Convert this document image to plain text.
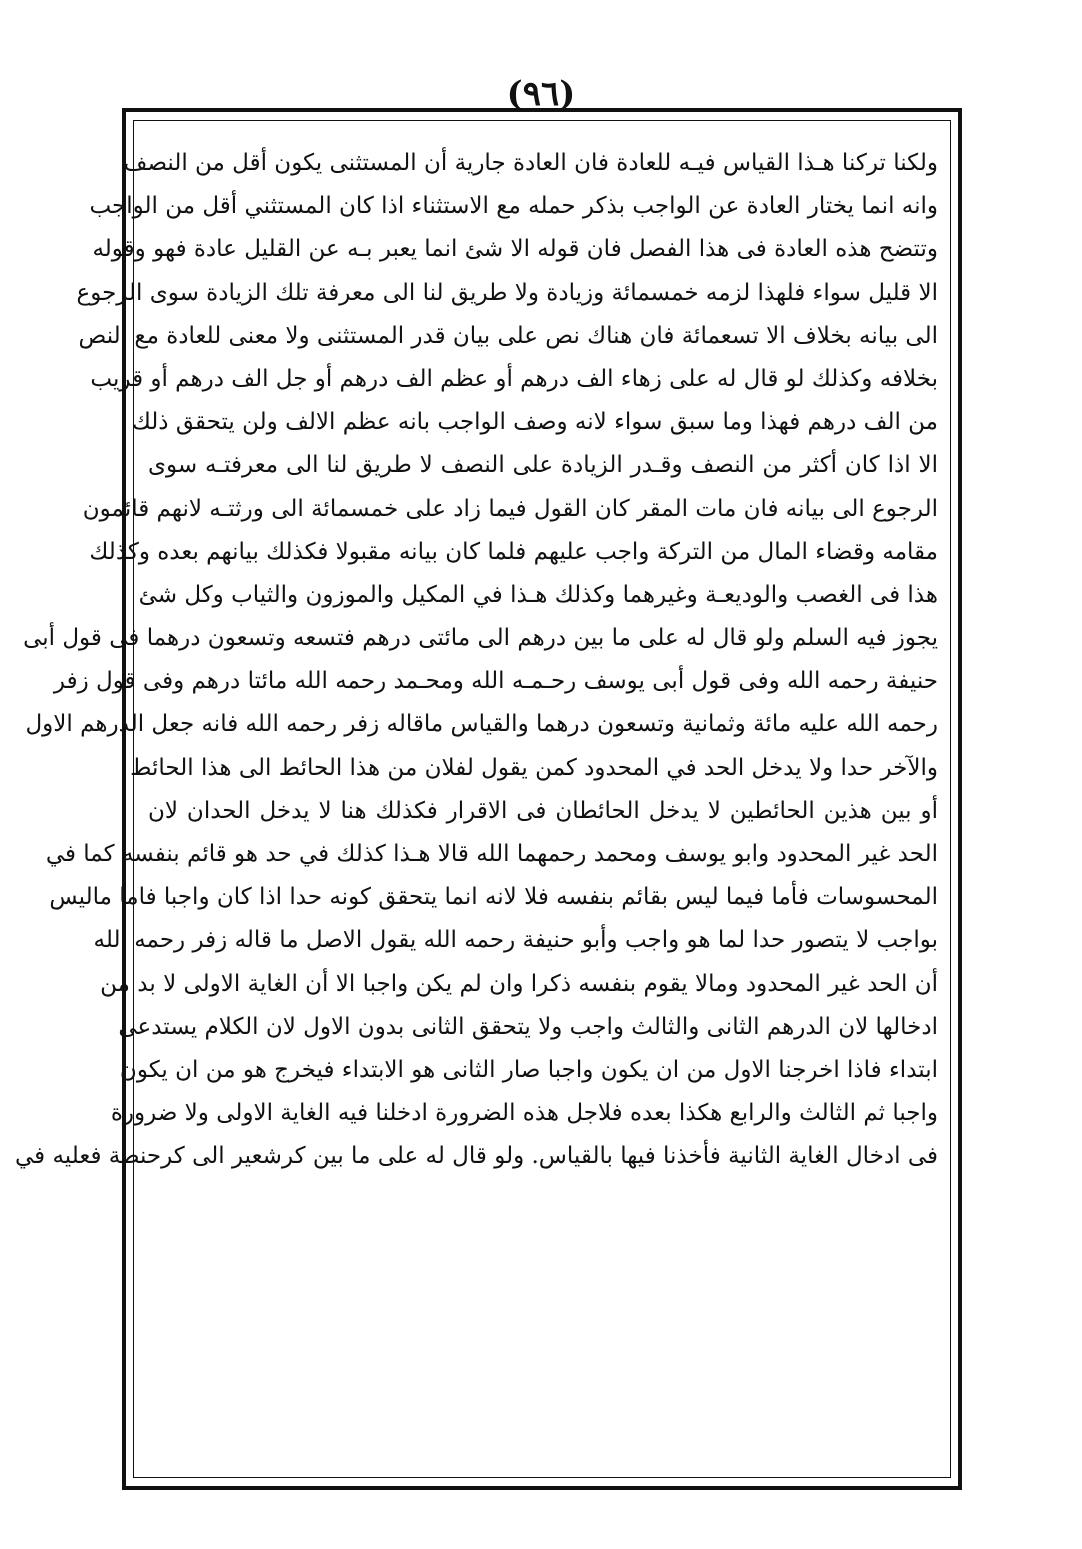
(٩٦)
ولكنا تركنا هـذا القياس فيـه للعادة فان العادة جارية أن المستثنى يكون أقل من النصف
وانه انما يختار العادة عن الواجب بذكر حمله مع الاستثناء اذا كان المستثني أقل من الواجب
وتتضح هذه العادة فى هذا الفصل فان قوله الا شئ انما يعبر بـه عن القليل عادة فهو وقوله
الا قليل سواء فلهذا لزمه خمسمائة وزيادة ولا طريق لنا الى معرفة تلك الزيادة سوى الرجوع
الى بيانه بخلاف الا تسعمائة فان هناك نص على بيان قدر المستثنى ولا معنى للعادة مع النص
بخلافه وكذلك لو قال له على زهاء الف درهم أو عظم الف درهم أو جل الف درهم أو قريب
من الف درهم فهذا وما سبق سواء لانه وصف الواجب بانه عظم الالف ولن يتحقق ذلك
الا اذا كان أكثر من النصف وقـدر الزيادة على النصف لا طريق لنا الى معرفتـه سوى
الرجوع الى بيانه فان مات المقر كان القول فيما زاد على خمسمائة الى ورثتـه لانهم قائمون
مقامه وقضاء المال من التركة واجب عليهم فلما كان بيانه مقبولا فكذلك بيانهم بعده وكذلك
هذا فى الغصب والوديعـة وغيرهما وكذلك هـذا في المكيل والموزون والثياب وكل شئ
يجوز فيه السلم ولو قال له على ما بين درهم الى مائتى درهم فتسعه وتسعون درهما فى قول أبى
حنيفة رحمه الله وفى قول أبى يوسف رحـمـه الله ومحـمد رحمه الله مائتا درهم وفى قول زفر
رحمه الله عليه مائة وثمانية وتسعون درهما والقياس ماقاله زفر رحمه الله فانه جعل الدرهم الاول
والآخر حدا ولا يدخل الحد في المحدود كمن يقول لفلان من هذا الحائط الى هذا الحائط
أو بين هذين الحائطين لا يدخل الحائطان فى الاقرار فكذلك هنا لا يدخل الحدان لان
الحد غير المحدود وابو يوسف ومحمد رحمهما الله قالا هـذا كذلك في حد هو قائم بنفسه كما في
المحسوسات فأما فيما ليس بقائم بنفسه فلا لانه انما يتحقق كونه حدا اذا كان واجبا فاما ماليس
بواجب لا يتصور حدا لما هو واجب وأبو حنيفة رحمه الله يقول الاصل ما قاله زفر رحمه الله
أن الحد غير المحدود ومالا يقوم بنفسه ذكرا وان لم يكن واجبا الا أن الغاية الاولى لا بد من
ادخالها لان الدرهم الثانى والثالث واجب ولا يتحقق الثانى بدون الاول لان الكلام يستدعى
ابتداء فاذا اخرجنا الاول من ان يكون واجبا صار الثانى هو الابتداء فيخرج هو من ان يكون
واجبا ثم الثالث والرابع هكذا بعده فلاجل هذه الضرورة ادخلنا فيه الغاية الاولى ولا ضرورة
فى ادخال الغاية الثانية فأخذنا فيها بالقياس. ولو قال له على ما بين كرشعير الى كرحنطة فعليه في
